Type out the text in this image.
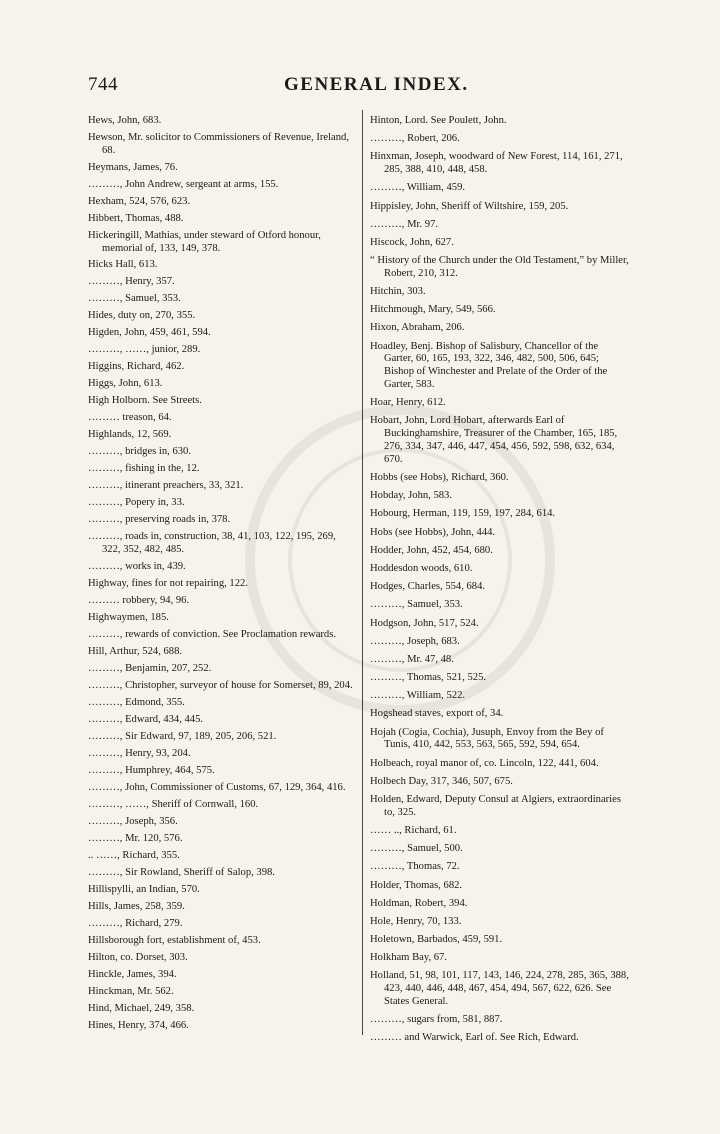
744	GENERAL INDEX.
Hews, John, 683.
Hewson, Mr. solicitor to Commissioners of Revenue, Ireland, 68.
Heymans, James, 76.
………, John Andrew, sergeant at arms, 155.
Hexham, 524, 576, 623.
Hibbert, Thomas, 488.
Hickeringill, Mathias, under steward of Otford honour, memorial of, 133, 149, 378.
Hicks Hall, 613.
………, Henry, 357.
………, Samuel, 353.
Hides, duty on, 270, 355.
Higden, John, 459, 461, 594.
………, ……, junior, 289.
Higgins, Richard, 462.
Higgs, John, 613.
High Holborn. See Streets.
……… treason, 64.
Highlands, 12, 569.
………, bridges in, 630.
………, fishing in the, 12.
………, itinerant preachers, 33, 321.
………, Popery in, 33.
………, preserving roads in, 378.
………, roads in, construction, 38, 41, 103, 122, 195, 269, 322, 352, 482, 485.
………, works in, 439.
Highway, fines for not repairing, 122.
……… robbery, 94, 96.
Highwaymen, 185.
………, rewards of conviction. See Proclamation rewards.
Hill, Arthur, 524, 688.
………, Benjamin, 207, 252.
………, Christopher, surveyor of house for Somerset, 89, 204.
………, Edmond, 355.
………, Edward, 434, 445.
………, Sir Edward, 97, 189, 205, 206, 521.
………, Henry, 93, 204.
………, Humphrey, 464, 575.
………, John, Commissioner of Customs, 67, 129, 364, 416.
………, ……, Sheriff of Cornwall, 160.
………, Joseph, 356.
………, Mr. 120, 576.
.. ……, Richard, 355.
………, Sir Rowland, Sheriff of Salop, 398.
Hillispylli, an Indian, 570.
Hills, James, 258, 359.
………, Richard, 279.
Hillsborough fort, establishment of, 453.
Hilton, co. Dorset, 303.
Hinckle, James, 394.
Hinckman, Mr. 562.
Hind, Michael, 249, 358.
Hines, Henry, 374, 466.
Hinton, Lord. See Poulett, John.
………, Robert, 206.
Hinxman, Joseph, woodward of New Forest, 114, 161, 271, 285, 388, 410, 448, 458.
………, William, 459.
Hippisley, John, Sheriff of Wiltshire, 159, 205.
………, Mr. 97.
Hiscock, John, 627.
“ History of the Church under the Old Testament,” by Miller, Robert, 210, 312.
Hitchin, 303.
Hitchmough, Mary, 549, 566.
Hixon, Abraham, 206.
Hoadley, Benj. Bishop of Salisbury, Chancellor of the Garter, 60, 165, 193, 322, 346, 482, 500, 506, 645; Bishop of Winchester and Prelate of the Order of the Garter, 583.
Hoar, Henry, 612.
Hobart, John, Lord Hobart, afterwards Earl of Buckinghamshire, Treasurer of the Chamber, 165, 185, 276, 334, 347, 446, 447, 454, 456, 592, 598, 632, 634, 670.
Hobbs (see Hobs), Richard, 360.
Hobday, John, 583.
Hobourg, Herman, 119, 159, 197, 284, 614.
Hobs (see Hobbs), John, 444.
Hodder, John, 452, 454, 680.
Hoddesdon woods, 610.
Hodges, Charles, 554, 684.
………, Samuel, 353.
Hodgson, John, 517, 524.
………, Joseph, 683.
………, Mr. 47, 48.
………, Thomas, 521, 525.
………, William, 522.
Hogshead staves, export of, 34.
Hojah (Cogia, Cochia), Jusuph, Envoy from the Bey of Tunis, 410, 442, 553, 563, 565, 592, 594, 654.
Holbeach, royal manor of, co. Lincoln, 122, 441, 604.
Holbech Day, 317, 346, 507, 675.
Holden, Edward, Deputy Consul at Algiers, extraordinaries to, 325.
…… .., Richard, 61.
………, Samuel, 500.
………, Thomas, 72.
Holder, Thomas, 682.
Holdman, Robert, 394.
Hole, Henry, 70, 133.
Holetown, Barbados, 459, 591.
Holkham Bay, 67.
Holland, 51, 98, 101, 117, 143, 146, 224, 278, 285, 365, 388, 423, 440, 446, 448, 467, 454, 494, 567, 622, 626. See States General.
………, sugars from, 581, 887.
……… and Warwick, Earl of. See Rich, Edward.
